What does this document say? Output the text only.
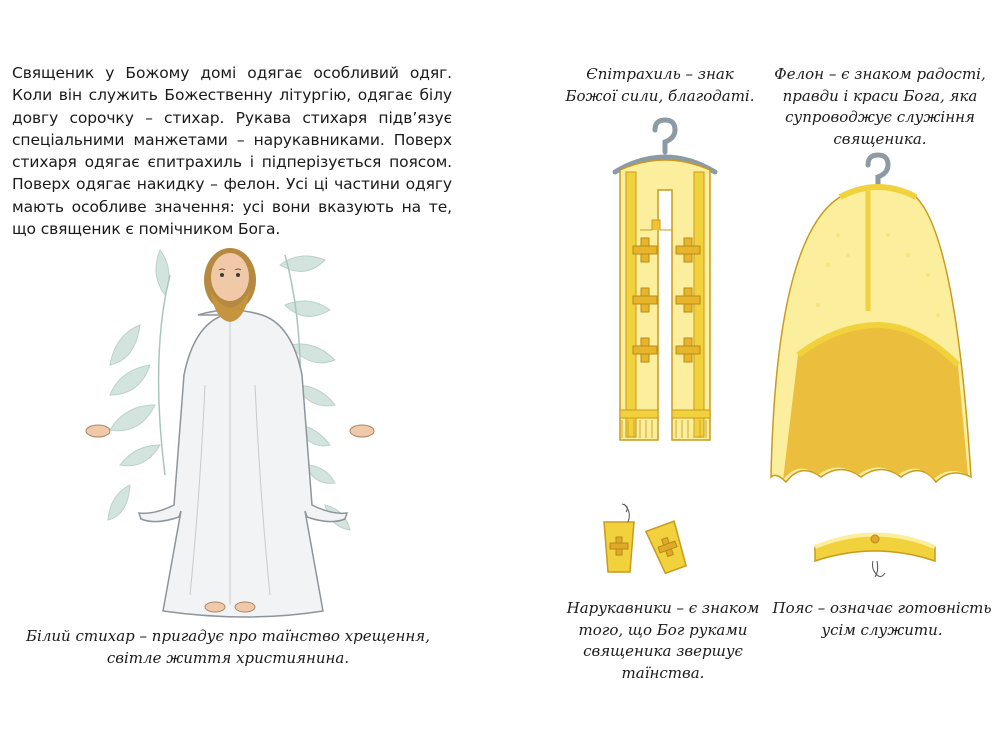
Священик у Божому домі одягає особливий одяг. Коли він служить Божественну літургію, одягає білу довгу сорочку – стихар. Рукава стихаря підв’язує спеціальними манжетами – нарукавниками. Поверх стихаря одягає єпитрахиль і підперізується поясом. Поверх одягає накидку – фелон. Усі ці частини одягу мають особливе значення: усі вони вказують на те, що священик є помічником Бога.

Білий стихар – пригадує про таїнство хрещення, світле життя християнина.

Єпітрахиль – знак Божої сили, благодаті.

Фелон – є знаком радості, правди і краси Бога, яка супроводжує служіння священика.

Нарукавники – є знаком того, що Бог руками священика звершує таїнства.

Пояс – означає готовність усім служити.
